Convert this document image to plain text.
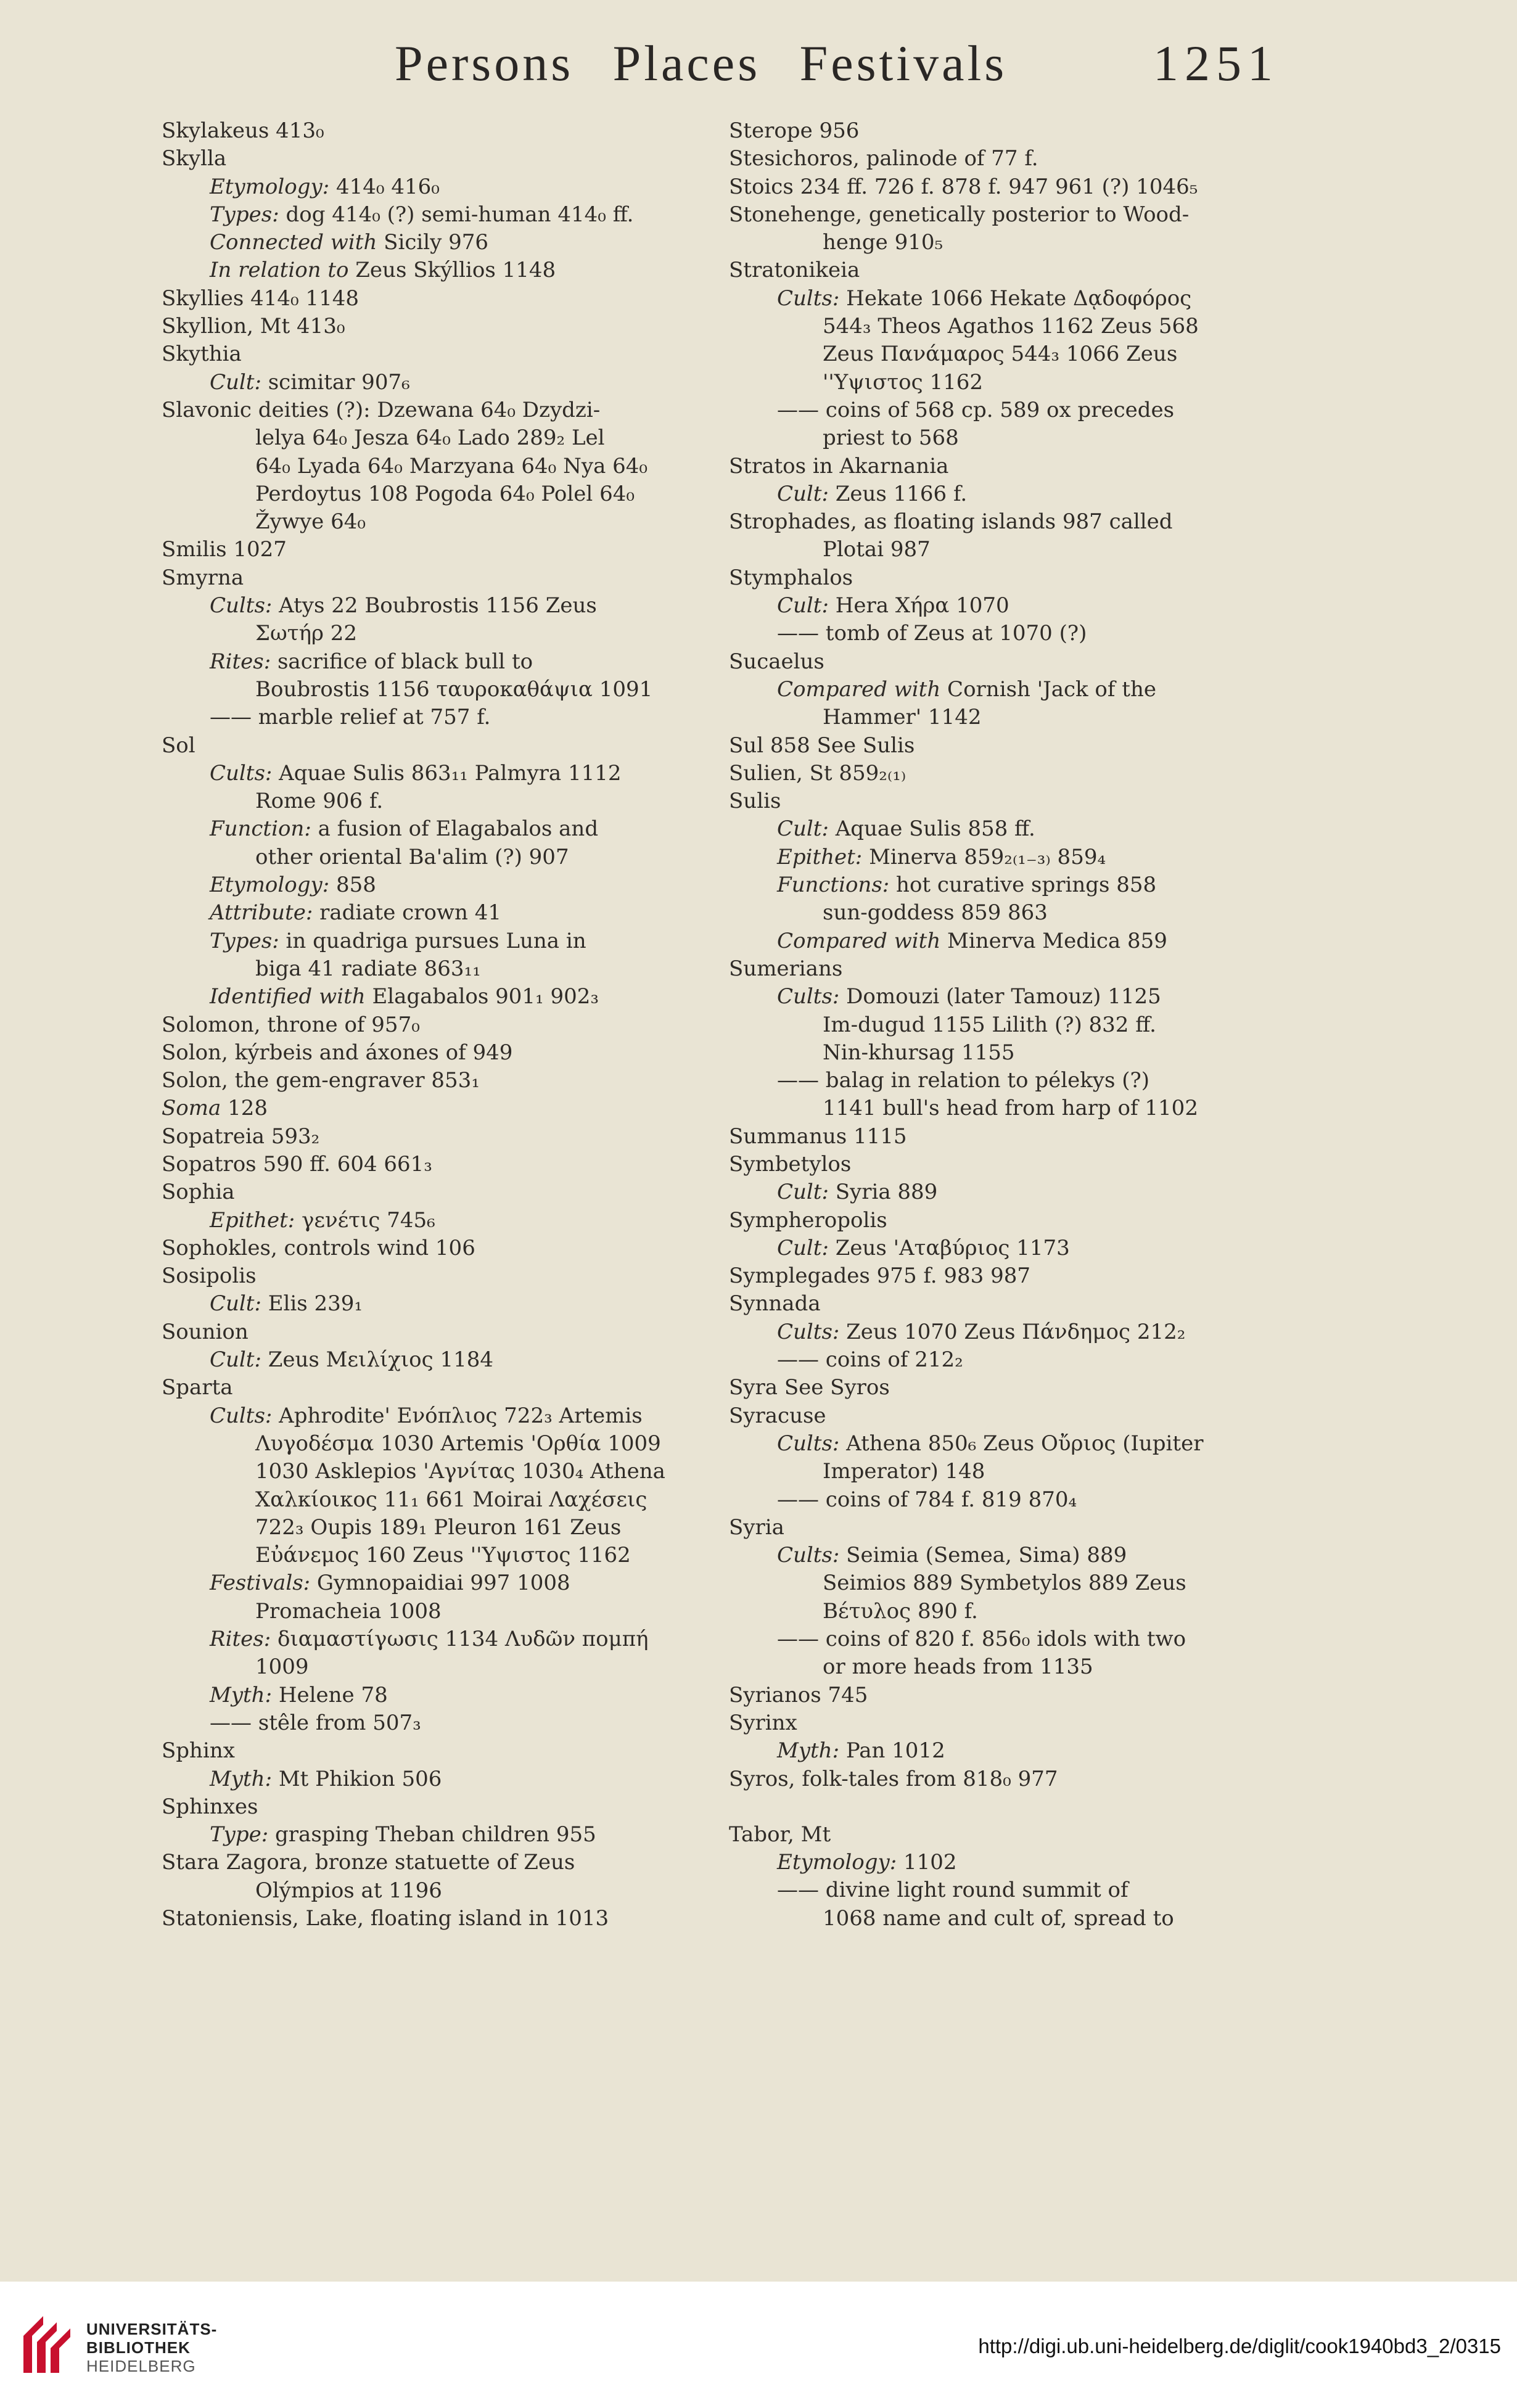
Persons Places Festivals	1251
Skylakeus 413₀
Skylla
Etymology: 414₀ 416₀
Types: dog 414₀ (?) semi-human 414₀ ff.
Connected with Sicily 976
In relation to Zeus Skýllios 1148
Skyllies 414₀ 1148
Skyllion, Mt 413₀
Skythia
Cult: scimitar 907₆
Slavonic deities (?): Dzewana 64₀ Dzydzi-
lelya 64₀ Jesza 64₀ Lado 289₂ Lel
64₀ Lyada 64₀ Marzyana 64₀ Nya 64₀
Perdoytus 108 Pogoda 64₀ Polel 64₀
Žywye 64₀
Smilis 1027
Smyrna
Cults: Atys 22 Boubrostis 1156 Zeus
Σωτήρ 22
Rites: sacrifice of black bull to
Boubrostis 1156 ταυροκαθάψια 1091
—— marble relief at 757 f.
Sol
Cults: Aquae Sulis 863₁₁ Palmyra 1112
Rome 906 f.
Function: a fusion of Elagabalos and
other oriental Ba'alim (?) 907
Etymology: 858
Attribute: radiate crown 41
Types: in quadriga pursues Luna in
biga 41 radiate 863₁₁
Identified with Elagabalos 901₁ 902₃
Solomon, throne of 957₀
Solon, kýrbeis and áxones of 949
Solon, the gem-engraver 853₁
Soma 128
Sopatreia 593₂
Sopatros 590 ff. 604 661₃
Sophia
Epithet: γενέτις 745₆
Sophokles, controls wind 106
Sosipolis
Cult: Elis 239₁
Sounion
Cult: Zeus Μειλίχιος 1184
Sparta
Cults: Aphrodite' Ενόπλιος 722₃ Artemis
Λυγοδέσμα 1030 Artemis 'Ορθία 1009
1030 Asklepios 'Αγνίτας 1030₄ Athena
Χαλκίοικος 11₁ 661 Moirai Λαχέσεις
722₃ Oupis 189₁ Pleuron 161 Zeus
Εὐάνεμος 160 Zeus ''Υψιστος 1162
Festivals: Gymnopaidiai 997 1008
Promacheia 1008
Rites: διαμαστίγωσις 1134 Λυδῶν πομπή
1009
Myth: Helene 78
—— stêle from 507₃
Sphinx
Myth: Mt Phikion 506
Sphinxes
Type: grasping Theban children 955
Stara Zagora, bronze statuette of Zeus
Olýmpios at 1196
Statoniensis, Lake, floating island in 1013
Sterope 956
Stesichoros, palinode of 77 f.
Stoics 234 ff. 726 f. 878 f. 947 961 (?) 1046₅
Stonehenge, genetically posterior to Wood-
henge 910₅
Stratonikeia
Cults: Hekate 1066 Hekate Δᾳδοφόρος
544₃ Theos Agathos 1162 Zeus 568
Zeus Πανάμαρος 544₃ 1066 Zeus
''Υψιστος 1162
—— coins of 568 cp. 589 ox precedes
priest to 568
Stratos in Akarnania
Cult: Zeus 1166 f.
Strophades, as floating islands 987 called
Plotai 987
Stymphalos
Cult: Hera Χήρα 1070
—— tomb of Zeus at 1070 (?)
Sucaelus
Compared with Cornish 'Jack of the
Hammer' 1142
Sul 858 See Sulis
Sulien, St 859₂₍₁₎
Sulis
Cult: Aquae Sulis 858 ff.
Epithet: Minerva 859₂₍₁₋₃₎ 859₄
Functions: hot curative springs 858
sun-goddess 859 863
Compared with Minerva Medica 859
Sumerians
Cults: Domouzi (later Tamouz) 1125
Im-dugud 1155 Lilith (?) 832 ff.
Nin-khursag 1155
—— balag in relation to pélekys (?)
1141 bull's head from harp of 1102
Summanus 1115
Symbetylos
Cult: Syria 889
Sympheropolis
Cult: Zeus 'Αταβύριος 1173
Symplegades 975 f. 983 987
Synnada
Cults: Zeus 1070 Zeus Πάνδημος 212₂
—— coins of 212₂
Syra See Syros
Syracuse
Cults: Athena 850₆ Zeus Οὔριος (Iupiter
Imperator) 148
—— coins of 784 f. 819 870₄
Syria
Cults: Seimia (Semea, Sima) 889
Seimios 889 Symbetylos 889 Zeus
Βέτυλος 890 f.
—— coins of 820 f. 856₀ idols with two
or more heads from 1135
Syrianos 745
Syrinx
Myth: Pan 1012
Syros, folk-tales from 818₀ 977
Tabor, Mt
Etymology: 1102
—— divine light round summit of
1068 name and cult of, spread to
UNIVERSITÄTS-
BIBLIOTHEK
HEIDELBERG
http://digi.ub.uni-heidelberg.de/diglit/cook1940bd3_2/0315
